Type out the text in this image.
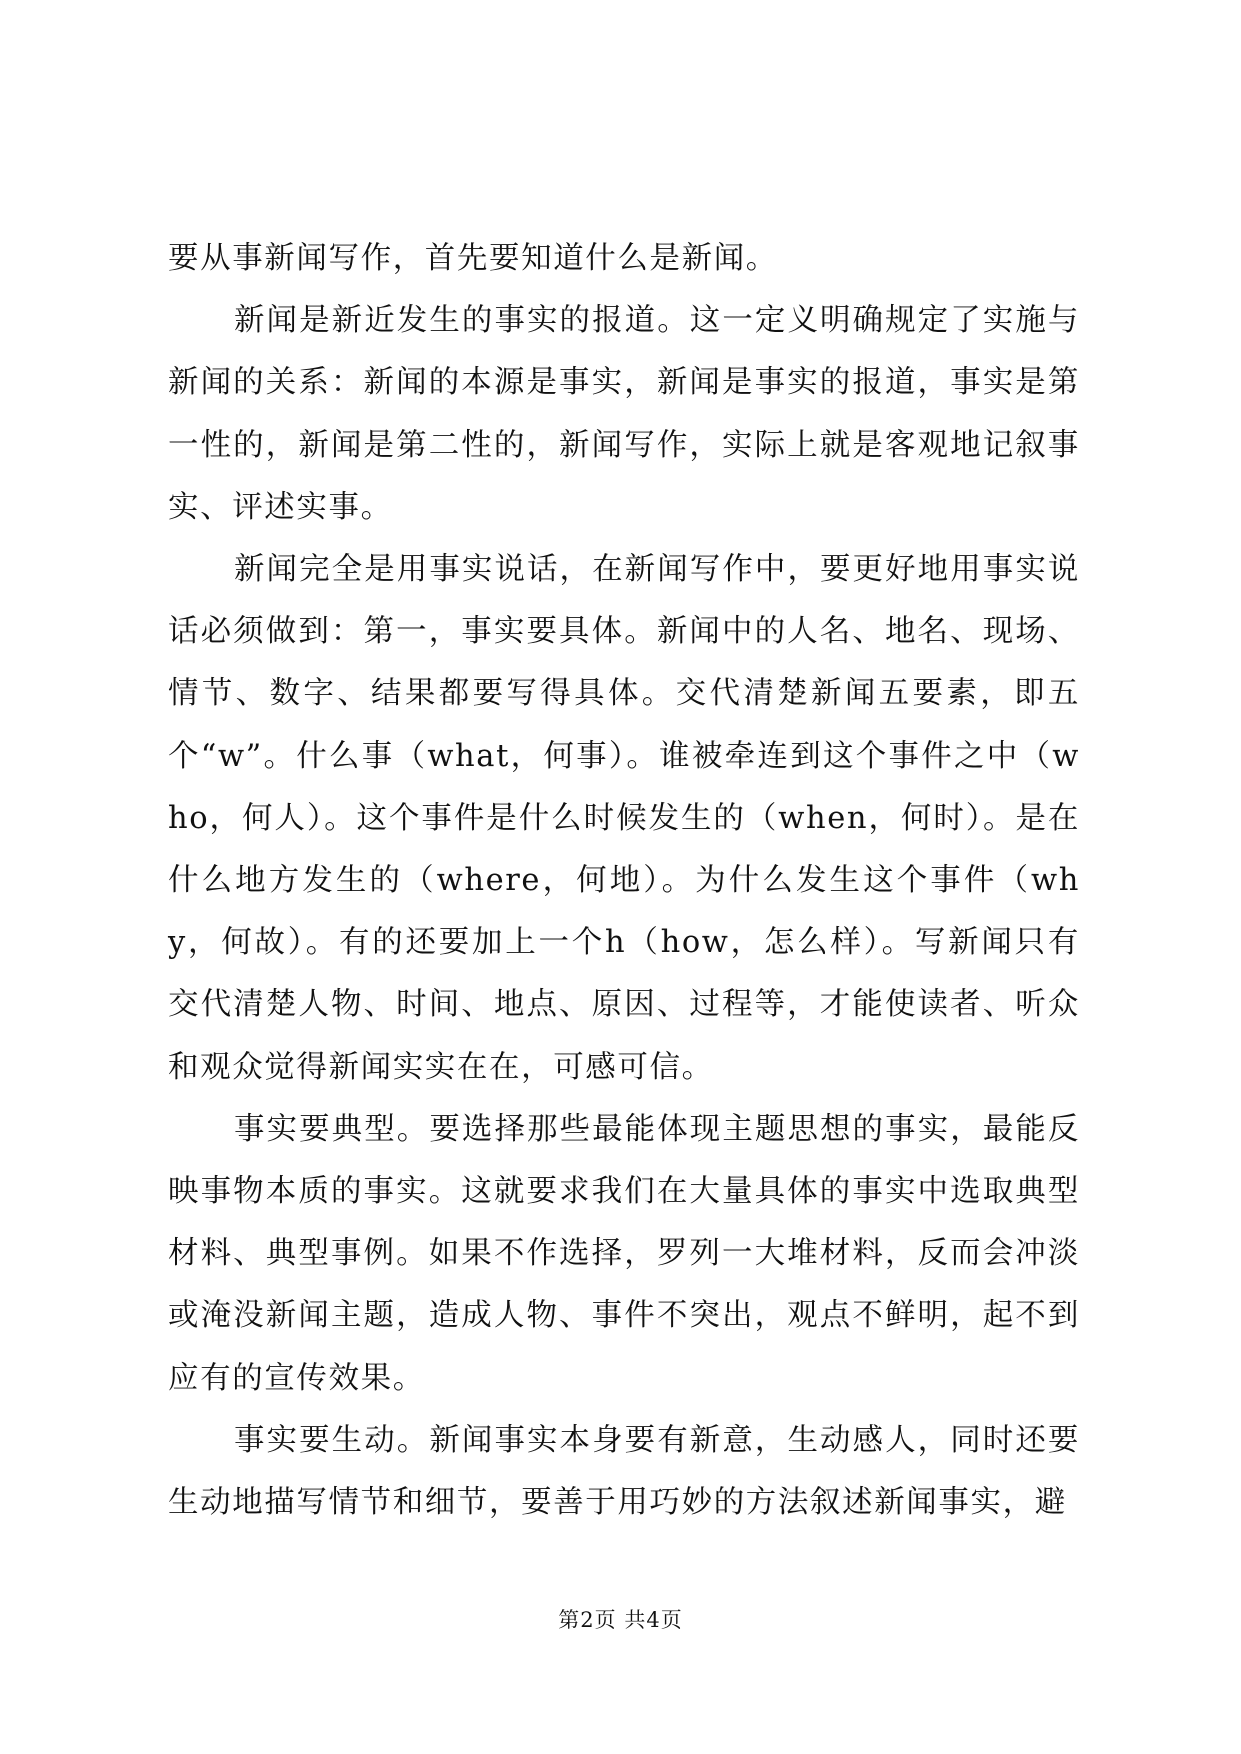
要从事新闻写作，首先要知道什么是新闻。

新闻是新近发生的事实的报道。这一定义明确规定了实施与新闻的关系：新闻的本源是事实，新闻是事实的报道，事实是第一性的，新闻是第二性的，新闻写作，实际上就是客观地记叙事实、评述实事。

新闻完全是用事实说话，在新闻写作中，要更好地用事实说话必须做到：第一，事实要具体。新闻中的人名、地名、现场、情节、数字、结果都要写得具体。交代清楚新闻五要素，即五个“w”。什么事（what，何事）。谁被牵连到这个事件之中（who，何人）。这个事件是什么时候发生的（when，何时）。是在什么地方发生的（where，何地）。为什么发生这个事件（why，何故）。有的还要加上一个h（how，怎么样）。写新闻只有交代清楚人物、时间、地点、原因、过程等，才能使读者、听众和观众觉得新闻实实在在，可感可信。

事实要典型。要选择那些最能体现主题思想的事实，最能反映事物本质的事实。这就要求我们在大量具体的事实中选取典型材料、典型事例。如果不作选择，罗列一大堆材料，反而会冲淡或淹没新闻主题，造成人物、事件不突出，观点不鲜明，起不到应有的宣传效果。

事实要生动。新闻事实本身要有新意，生动感人，同时还要生动地描写情节和细节，要善于用巧妙的方法叙述新闻事实，避

第2页 共4页
